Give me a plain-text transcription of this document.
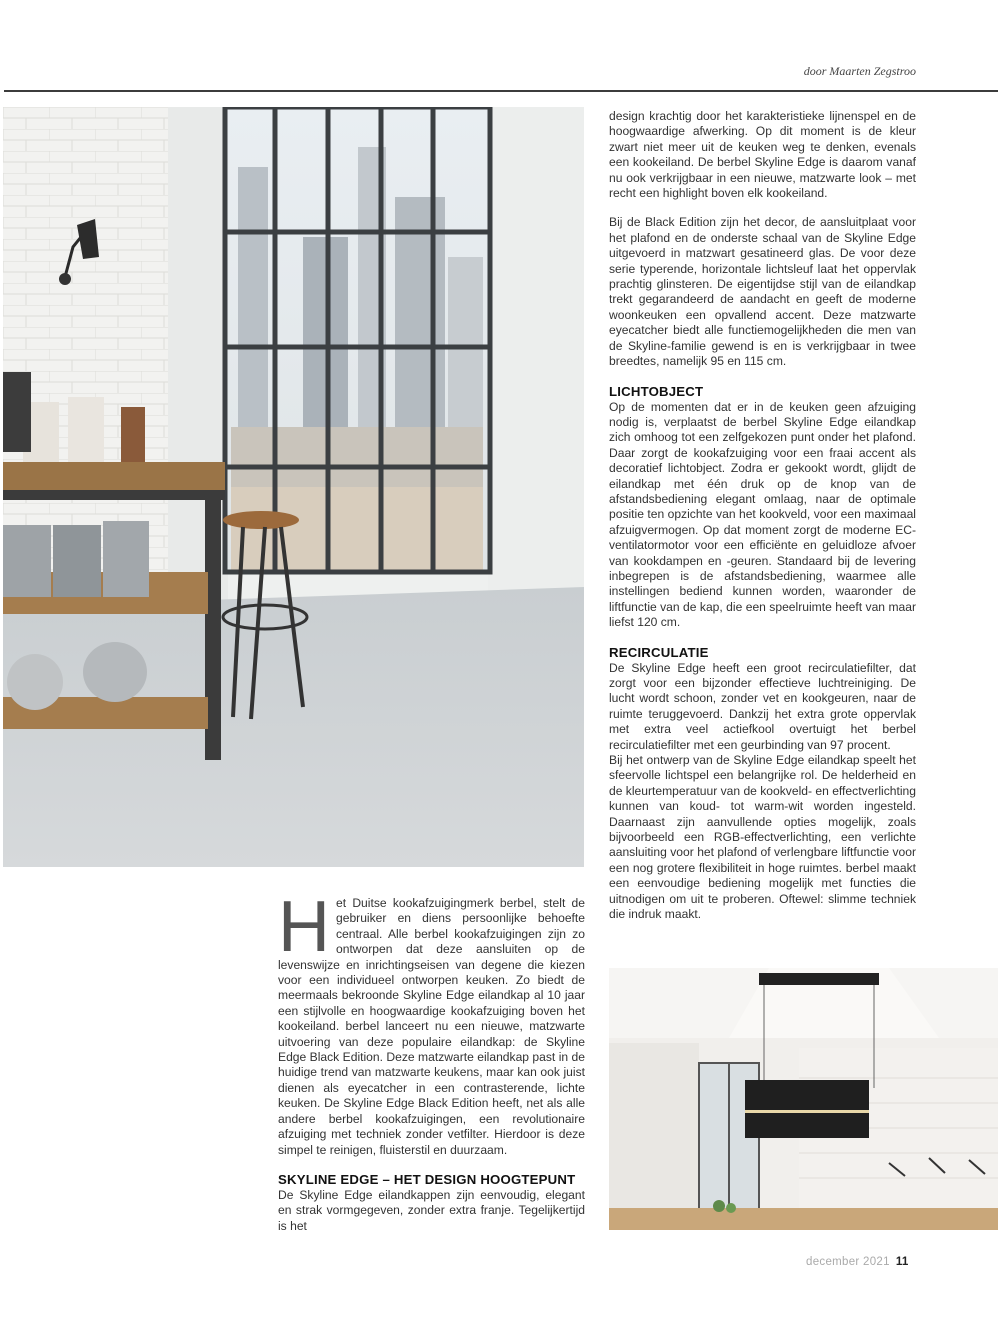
door Maarten Zegstroo

design krachtig door het karakteristieke lijnenspel en de hoogwaardige afwerking. Op dit moment is de kleur zwart niet meer uit de keuken weg te denken, evenals een kookeiland. De berbel Skyline Edge is daarom vanaf nu ook verkrijgbaar in een nieuwe, matzwarte look – met recht een highlight boven elk kookeiland.

Bij de Black Edition zijn het decor, de aansluitplaat voor het plafond en de onderste schaal van de Skyline Edge uitgevoerd in matzwart gesatineerd glas. De voor deze serie typerende, horizontale lichtsleuf laat het oppervlak prachtig glinsteren. De eigentijdse stijl van de eilandkap trekt gegarandeerd de aandacht en geeft de moderne woonkeuken een opvallend accent. Deze matzwarte eyecatcher biedt alle functiemogelijkheden die men van de Skyline-familie gewend is en is verkrijgbaar in twee breedtes, namelijk 95 en 115 cm.

LICHTOBJECT

Op de momenten dat er in de keuken geen afzuiging nodig is, verplaatst de berbel Skyline Edge eilandkap zich omhoog tot een zelfgekozen punt onder het plafond. Daar zorgt de kookafzuiging voor een fraai accent als decoratief lichtobject. Zodra er gekookt wordt, glijdt de eilandkap met één druk op de knop van de afstandsbediening elegant omlaag, naar de optimale positie ten opzichte van het kookveld, voor een maximaal afzuigvermogen. Op dat moment zorgt de moderne EC-ventilatormotor voor een efficiënte en geluidloze afvoer van kookdampen en -geuren. Standaard bij de levering inbegrepen is de afstandsbediening, waarmee alle instellingen bediend kunnen worden, waaronder de liftfunctie van de kap, die een speelruimte heeft van maar liefst 120 cm.

RECIRCULATIE

De Skyline Edge heeft een groot recirculatiefilter, dat zorgt voor een bijzonder effectieve luchtreiniging. De lucht wordt schoon, zonder vet en kookgeuren, naar de ruimte teruggevoerd. Dankzij het extra grote oppervlak met extra veel actiefkool overtuigt het berbel recirculatiefilter met een geurbinding van 97 procent.

Bij het ontwerp van de Skyline Edge eilandkap speelt het sfeervolle lichtspel een belangrijke rol. De helderheid en de kleurtemperatuur van de kookveld- en effectverlichting kunnen van koud- tot warm-wit worden ingesteld. Daarnaast zijn aanvullende opties mogelijk, zoals bijvoorbeeld een RGB-effectverlichting, een verlichte aansluiting voor het plafond of verlengbare liftfunctie voor een nog grotere flexibiliteit in hoge ruimtes. berbel maakt een eenvoudige bediening mogelijk met functies die uitnodigen om uit te proberen. Oftewel: slimme techniek die indruk maakt.

Het Duitse kookafzuigingmerk berbel, stelt de gebruiker en diens persoonlijke behoefte centraal. Alle berbel kookafzuigingen zijn zo ontworpen dat deze aansluiten op de levenswijze en inrichtingseisen van degene die kiezen voor een individueel ontworpen keuken. Zo biedt de meermaals bekroonde Skyline Edge eilandkap al 10 jaar een stijlvolle en hoogwaardige kookafzuiging boven het kookeiland. berbel lanceert nu een nieuwe, matzwarte uitvoering van deze populaire eilandkap: de Skyline Edge Black Edition. Deze matzwarte eilandkap past in de huidige trend van matzwarte keukens, maar kan ook juist dienen als eyecatcher in een contrasterende, lichte keuken. De Skyline Edge Black Edition heeft, net als alle andere berbel kookafzuigingen, een revolutionaire afzuiging met techniek zonder vetfilter. Hierdoor is deze simpel te reinigen, fluisterstil en duurzaam.

SKYLINE EDGE – HET DESIGN HOOGTEPUNT

De Skyline Edge eilandkappen zijn eenvoudig, elegant en strak vormgegeven, zonder extra franje. Tegelijkertijd is het

december 2021 11
